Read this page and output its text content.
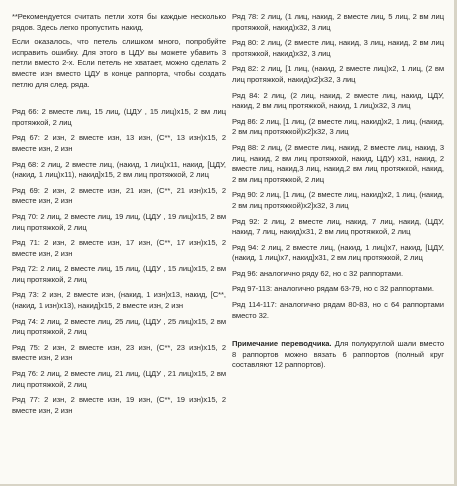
**Рекомендуется считать петли хотя бы каждые несколько рядов. Здесь легко пропустить накид.

Если оказалось, что петель слишком много, попробуйте исправить ошибку. Для этого в ЦДУ вы можете убавить 3 петли вместо 2-х. Если петель не хватает, можно сделать 2 вместе изн вместо ЦДУ в конце раппорта, чтобы создать петлю для след. ряда.

Ряд 66: 2 вместе лиц, 15 лиц, (ЦДУ , 15 лиц)х15, 2 вм лиц протяжкой, 2 лиц

Ряд 67: 2 изн, 2 вместе изн, 13 изн, (С**, 13 изн)х15, 2 вместе изн, 2 изн

Ряд 68: 2 лиц, 2 вместе лиц, (накид, 1 лиц)х11, накид, [ЦДУ, (накид, 1 лиц)х11), накид]х15, 2 вм лиц протяжкой, 2 лиц

Ряд 69: 2 изн, 2 вместе изн, 21 изн, (С**, 21 изн)х15, 2 вместе изн, 2 изн

Ряд 70: 2 лиц, 2 вместе лиц, 19 лиц, (ЦДУ , 19 лиц)х15, 2 вм лиц протяжкой, 2 лиц

Ряд 71: 2 изн, 2 вместе изн, 17 изн, (С**, 17 изн)х15, 2 вместе изн, 2 изн

Ряд 72: 2 лиц, 2 вместе лиц, 15 лиц, (ЦДУ , 15 лиц)х15, 2 вм лиц протяжкой, 2 лиц

Ряд 73: 2 изн, 2 вместе изн, (накид, 1 изн)х13, накид, [С**, (накид, 1 изн)х13), накид]х15, 2 вместе изн, 2 изн

Ряд 74: 2 лиц, 2 вместе лиц, 25 лиц, (ЦДУ , 25 лиц)х15, 2 вм лиц протяжкой, 2 лиц

Ряд 75: 2 изн, 2 вместе изн, 23 изн, (С**, 23 изн)х15, 2 вместе изн, 2 изн

Ряд 76: 2 лиц, 2 вместе лиц, 21 лиц, (ЦДУ , 21 лиц)х15, 2 вм лиц протяжкой, 2 лиц

Ряд 77: 2 изн, 2 вместе изн, 19 изн, (С**, 19 изн)х15, 2 вместе изн, 2 изн

Ряд 78: 2 лиц, (1 лиц, накид, 2 вместе лиц, 5 лиц, 2 вм лиц протяжкой, накид)х32, 3 лиц

Ряд 80: 2 лиц, (2 вместе лиц, накид, 3 лиц, накид, 2 вм лиц протяжкой, накид)х32, 3 лиц

Ряд 82: 2 лиц, [1 лиц, (накид, 2 вместе лиц)х2, 1 лиц, (2 вм лиц протяжкой, накид)х2]х32, 3 лиц

Ряд 84: 2 лиц, (2 лиц, накид, 2 вместе лиц, накид, ЦДУ, накид, 2 вм лиц протяжкой, накид, 1 лиц)х32, 3 лиц

Ряд 86: 2 лиц, [1 лиц, (2 вместе лиц, накид)х2, 1 лиц, (накид, 2 вм лиц протяжкой)х2]х32, 3 лиц

Ряд 88: 2 лиц, (2 вместе лиц, накид, 2 вместе лиц, накид, 3 лиц, накид, 2 вм лиц протяжкой, накид, ЦДУ) х31, накид, 2 вместе лиц, накид,3 лиц, накид,2 вм лиц протяжкой, накид, 2 вм лиц протяжкой, 2 лиц

Ряд 90: 2 лиц, [1 лиц, (2 вместе лиц, накид)х2, 1 лиц, (накид, 2 вм лиц протяжкой)х2]х32, 3 лиц

Ряд 92: 2 лиц, 2 вместе лиц, накид, 7 лиц, накид, (ЦДУ, накид, 7 лиц, накид)х31, 2 вм лиц протяжкой, 2 лиц

Ряд 94: 2 лиц, 2 вместе лиц, (накид, 1 лиц)х7, накид, [ЦДУ, (накид, 1 лиц)х7, накид]х31, 2 вм лиц протяжкой, 2 лиц

Ряд 96: аналогично ряду 62, но с 32 раппортами.

Ряд 97-113: аналогично рядам 63-79, но с 32 раппортами.

Ряд 114-117: аналогично рядам 80-83, но с 64 раппортами вместо 32.

Примечание переводчика. Для полукруглой шали вместо 8 раппортов можно вязать 6 раппортов (полный круг составляют 12 раппортов).
